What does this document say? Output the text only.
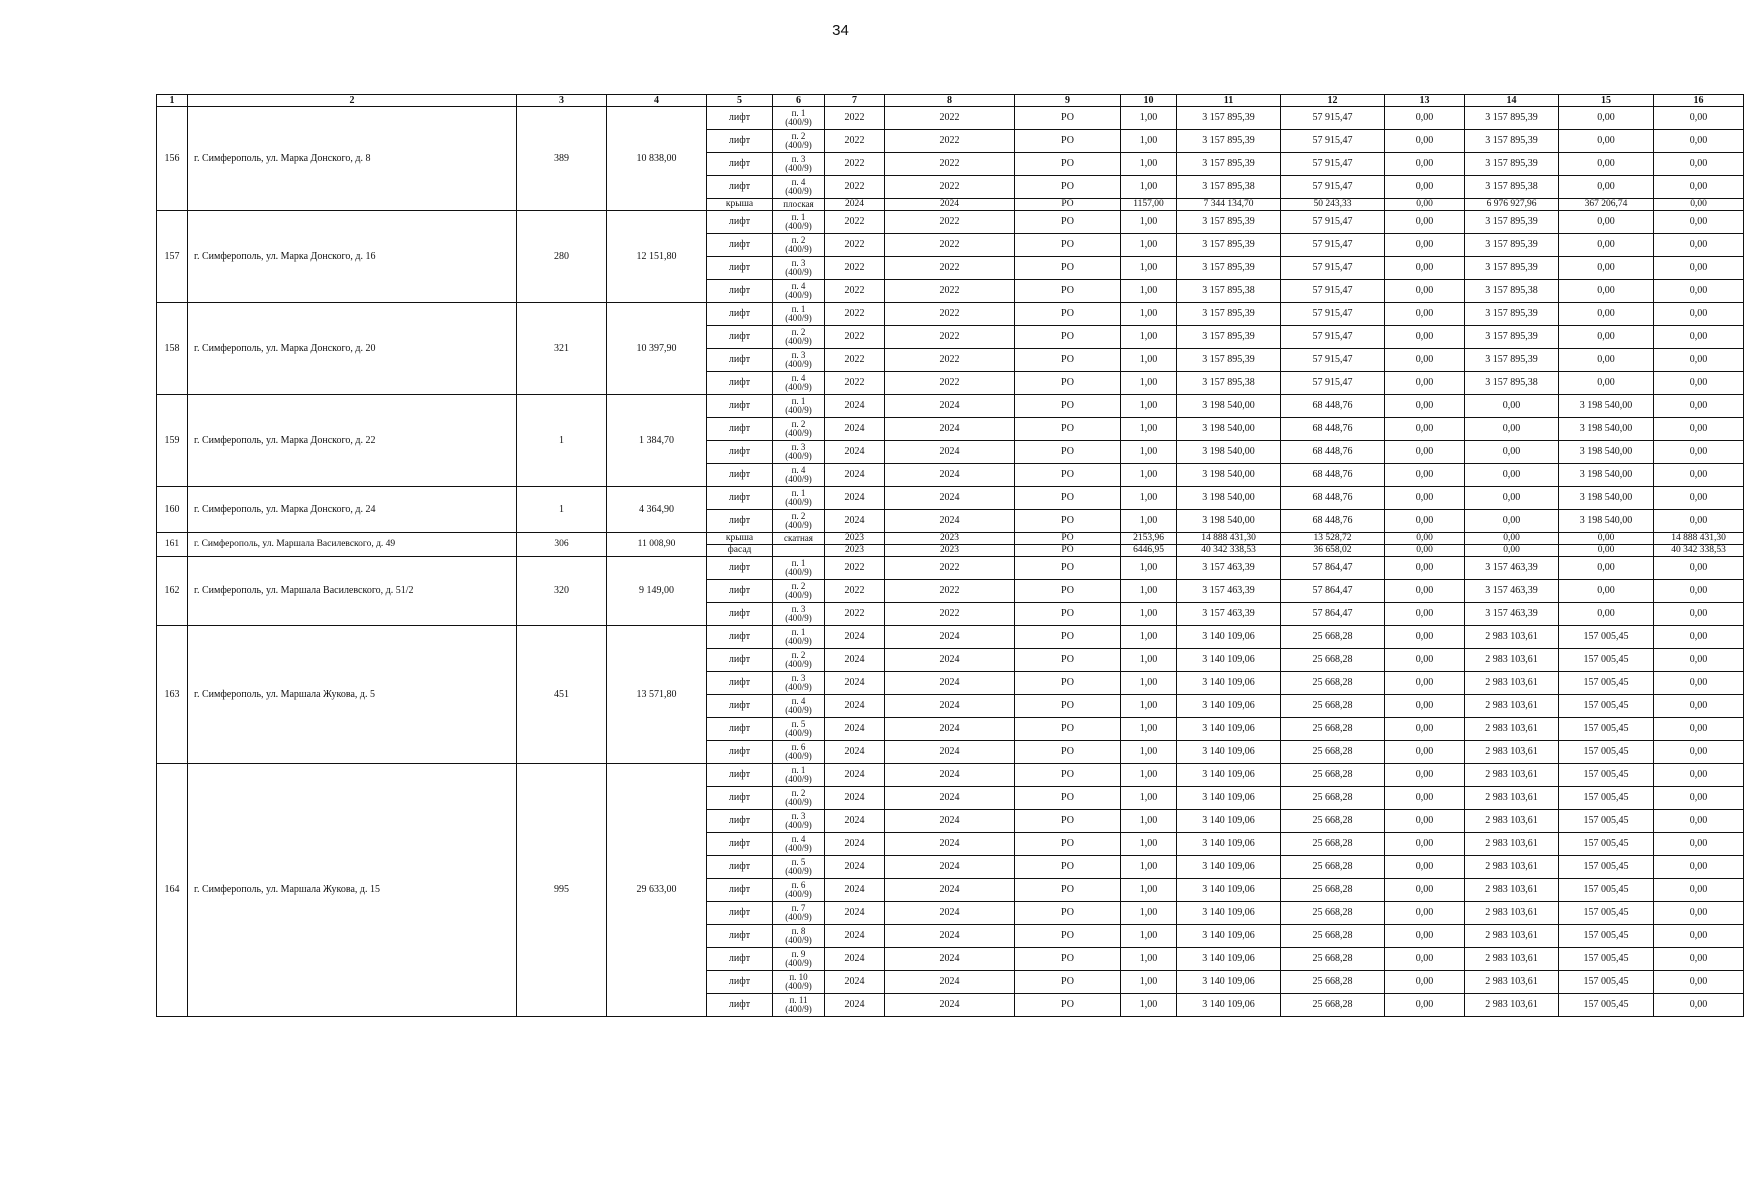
34
1	2	3	4	5	6	7	8	9	10	11	12	13	14	15	16
156	г. Симферополь, ул. Марка Донского, д. 8	389	10 838,00	лифт	п. 1
(400/9)	2022	2022	РО	1,00	3 157 895,39	57 915,47	0,00	3 157 895,39	0,00	0,00
				лифт	п. 2
(400/9)	2022	2022	РО	1,00	3 157 895,39	57 915,47	0,00	3 157 895,39	0,00	0,00
				лифт	п. 3
(400/9)	2022	2022	РО	1,00	3 157 895,39	57 915,47	0,00	3 157 895,39	0,00	0,00
				лифт	п. 4
(400/9)	2022	2022	РО	1,00	3 157 895,38	57 915,47	0,00	3 157 895,38	0,00	0,00
				крыша	плоская	2024	2024	РО	1157,00	7 344 134,70	50 243,33	0,00	6 976 927,96	367 206,74	0,00
157	г. Симферополь, ул. Марка Донского, д. 16	280	12 151,80	лифт	п. 1
(400/9)	2022	2022	РО	1,00	3 157 895,39	57 915,47	0,00	3 157 895,39	0,00	0,00
				лифт	п. 2
(400/9)	2022	2022	РО	1,00	3 157 895,39	57 915,47	0,00	3 157 895,39	0,00	0,00
				лифт	п. 3
(400/9)	2022	2022	РО	1,00	3 157 895,39	57 915,47	0,00	3 157 895,39	0,00	0,00
				лифт	п. 4
(400/9)	2022	2022	РО	1,00	3 157 895,38	57 915,47	0,00	3 157 895,38	0,00	0,00
158	г. Симферополь, ул. Марка Донского, д. 20	321	10 397,90	лифт	п. 1
(400/9)	2022	2022	РО	1,00	3 157 895,39	57 915,47	0,00	3 157 895,39	0,00	0,00
				лифт	п. 2
(400/9)	2022	2022	РО	1,00	3 157 895,39	57 915,47	0,00	3 157 895,39	0,00	0,00
				лифт	п. 3
(400/9)	2022	2022	РО	1,00	3 157 895,39	57 915,47	0,00	3 157 895,39	0,00	0,00
				лифт	п. 4
(400/9)	2022	2022	РО	1,00	3 157 895,38	57 915,47	0,00	3 157 895,38	0,00	0,00
159	г. Симферополь, ул. Марка Донского, д. 22	1	1 384,70	лифт	п. 1
(400/9)	2024	2024	РО	1,00	3 198 540,00	68 448,76	0,00	0,00	3 198 540,00	0,00
				лифт	п. 2
(400/9)	2024	2024	РО	1,00	3 198 540,00	68 448,76	0,00	0,00	3 198 540,00	0,00
				лифт	п. 3
(400/9)	2024	2024	РО	1,00	3 198 540,00	68 448,76	0,00	0,00	3 198 540,00	0,00
				лифт	п. 4
(400/9)	2024	2024	РО	1,00	3 198 540,00	68 448,76	0,00	0,00	3 198 540,00	0,00
160	г. Симферополь, ул. Марка Донского, д. 24	1	4 364,90	лифт	п. 1
(400/9)	2024	2024	РО	1,00	3 198 540,00	68 448,76	0,00	0,00	3 198 540,00	0,00
				лифт	п. 2
(400/9)	2024	2024	РО	1,00	3 198 540,00	68 448,76	0,00	0,00	3 198 540,00	0,00
161	г. Симферополь, ул. Маршала Василевского, д. 49	306	11 008,90	крыша	скатная	2023	2023	РО	2153,96	14 888 431,30	13 528,72	0,00	0,00	0,00	14 888 431,30
				фасад		2023	2023	РО	6446,95	40 342 338,53	36 658,02	0,00	0,00	0,00	40 342 338,53
162	г. Симферополь, ул. Маршала Василевского, д. 51/2	320	9 149,00	лифт	п. 1
(400/9)	2022	2022	РО	1,00	3 157 463,39	57 864,47	0,00	3 157 463,39	0,00	0,00
				лифт	п. 2
(400/9)	2022	2022	РО	1,00	3 157 463,39	57 864,47	0,00	3 157 463,39	0,00	0,00
				лифт	п. 3
(400/9)	2022	2022	РО	1,00	3 157 463,39	57 864,47	0,00	3 157 463,39	0,00	0,00
163	г. Симферополь, ул. Маршала Жукова, д. 5	451	13 571,80	лифт	п. 1
(400/9)	2024	2024	РО	1,00	3 140 109,06	25 668,28	0,00	2 983 103,61	157 005,45	0,00
				лифт	п. 2
(400/9)	2024	2024	РО	1,00	3 140 109,06	25 668,28	0,00	2 983 103,61	157 005,45	0,00
				лифт	п. 3
(400/9)	2024	2024	РО	1,00	3 140 109,06	25 668,28	0,00	2 983 103,61	157 005,45	0,00
				лифт	п. 4
(400/9)	2024	2024	РО	1,00	3 140 109,06	25 668,28	0,00	2 983 103,61	157 005,45	0,00
				лифт	п. 5
(400/9)	2024	2024	РО	1,00	3 140 109,06	25 668,28	0,00	2 983 103,61	157 005,45	0,00
				лифт	п. 6
(400/9)	2024	2024	РО	1,00	3 140 109,06	25 668,28	0,00	2 983 103,61	157 005,45	0,00
164	г. Симферополь, ул. Маршала Жукова, д. 15	995	29 633,00	лифт	п. 1
(400/9)	2024	2024	РО	1,00	3 140 109,06	25 668,28	0,00	2 983 103,61	157 005,45	0,00
				лифт	п. 2
(400/9)	2024	2024	РО	1,00	3 140 109,06	25 668,28	0,00	2 983 103,61	157 005,45	0,00
				лифт	п. 3
(400/9)	2024	2024	РО	1,00	3 140 109,06	25 668,28	0,00	2 983 103,61	157 005,45	0,00
				лифт	п. 4
(400/9)	2024	2024	РО	1,00	3 140 109,06	25 668,28	0,00	2 983 103,61	157 005,45	0,00
				лифт	п. 5
(400/9)	2024	2024	РО	1,00	3 140 109,06	25 668,28	0,00	2 983 103,61	157 005,45	0,00
				лифт	п. 6
(400/9)	2024	2024	РО	1,00	3 140 109,06	25 668,28	0,00	2 983 103,61	157 005,45	0,00
				лифт	п. 7
(400/9)	2024	2024	РО	1,00	3 140 109,06	25 668,28	0,00	2 983 103,61	157 005,45	0,00
				лифт	п. 8
(400/9)	2024	2024	РО	1,00	3 140 109,06	25 668,28	0,00	2 983 103,61	157 005,45	0,00
				лифт	п. 9
(400/9)	2024	2024	РО	1,00	3 140 109,06	25 668,28	0,00	2 983 103,61	157 005,45	0,00
				лифт	п. 10
(400/9)	2024	2024	РО	1,00	3 140 109,06	25 668,28	0,00	2 983 103,61	157 005,45	0,00
				лифт	п. 11
(400/9)	2024	2024	РО	1,00	3 140 109,06	25 668,28	0,00	2 983 103,61	157 005,45	0,00
